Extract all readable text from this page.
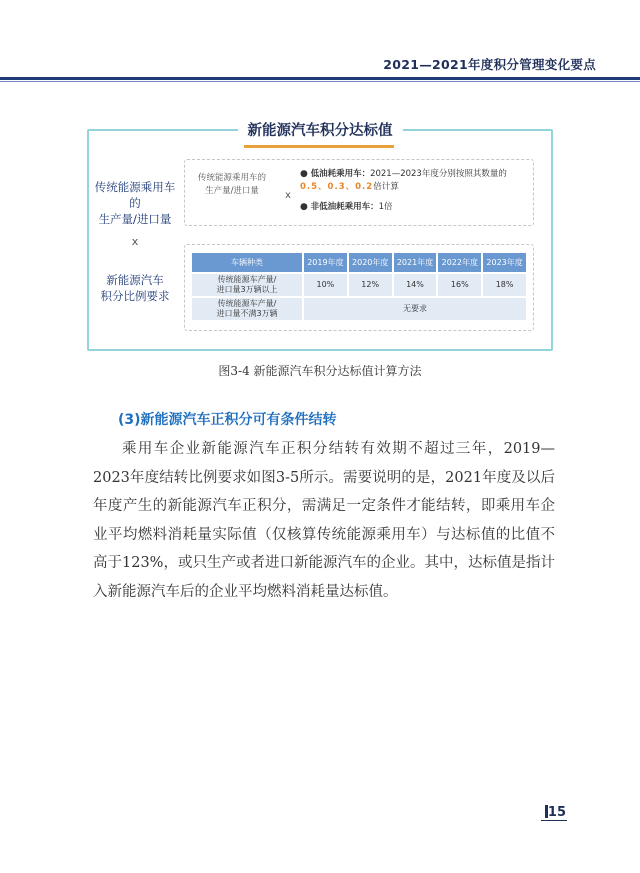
2021—2021年度积分管理变化要点
新能源汽车积分达标值
传统能源乘用车的
生产量/进口量
x
新能源汽车
积分比例要求
传统能源乘用车的
生产量/进口量	x
● 低油耗乘用车：2021—2023年度分别按照其数量的0.5、0.3、0.2倍计算
● 非低油耗乘用车：1倍
车辆种类	2019年度	2020年度	2021年度	2022年度	2023年度
传统能源车产量/
进口量3万辆以上	10%	12%	14%	16%	18%
传统能源车产量/
进口量不满3万辆	无要求				
图3-4 新能源汽车积分达标值计算方法
(3)新能源汽车正积分可有条件结转
乘用车企业新能源汽车正积分结转有效期不超过三年，2019—2023年度结转比例要求如图3-5所示。需要说明的是，2021年度及以后年度产生的新能源汽车正积分，需满足一定条件才能结转，即乘用车企业平均燃料消耗量实际值（仅核算传统能源乘用车）与达标值的比值不高于123%，或只生产或者进口新能源汽车的企业。其中，达标值是指计入新能源汽车后的企业平均燃料消耗量达标值。
15
